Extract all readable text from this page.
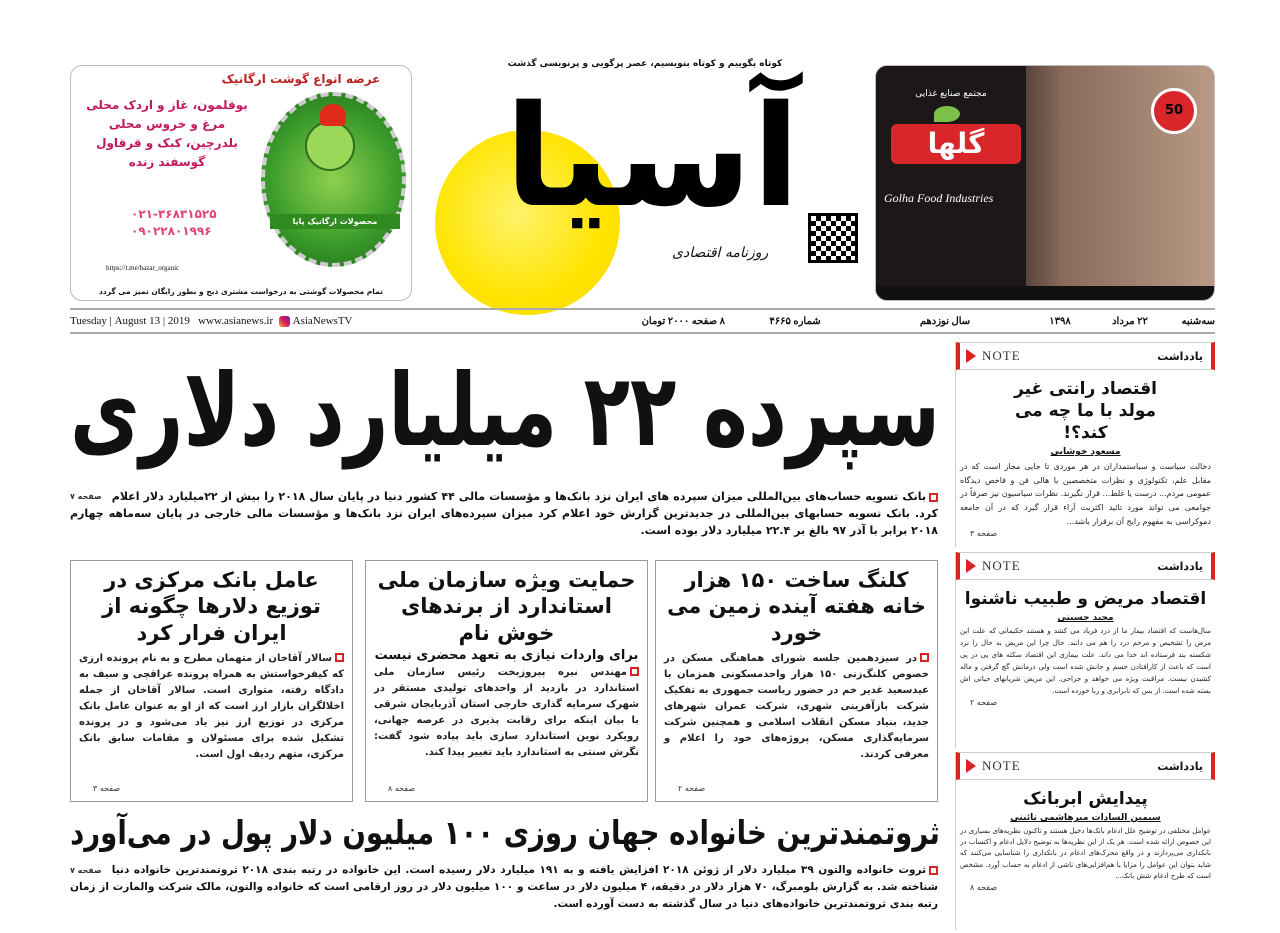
عرضه انواع گوشت ارگانیک
محصولات ارگانیک پایا
بوقلمون، غاز و اردک محلی
مرغ و خروس محلی
بلدرچین، کبک و قرقاول
گوسفند زنده
۰۲۱-۳۶۸۳۱۵۲۵
۰۹۰۲۲۸۰۱۹۹۶
https://t.me/bazar_organic
تمام محصولات گوشتی به درخواست مشتری ذبح و بطور رایگان تمیز می گردد
کوتاه بگوییم و کوتاه بنویسیم، عصر پرگویی و پرنویسی گذشت
آسیا
روزنامه اقتصادی
مجتمع صنایع غذایی
گلها
Golha Food Industries
50
Tuesday | August 13 | 2019
www.asianews.ir
AsiaNewsTV	۸ صفحه ۲۰۰۰ تومان	شماره ۴۶۶۵	سال نوزدهم	۱۳۹۸	۲۲ مرداد	سه‌شنبه
سپرده ۲۲ میلیارد دلاری
صفحه ۷ بانک تسویه حساب‌های بین‌المللی میزان سپرده های ایران نزد بانک‌ها و مؤسسات مالی ۴۴ کشور دنیا در پایان سال ۲۰۱۸ را بیش از ۲۲میلیارد دلار اعلام کرد. بانک تسویه حسابهای بین‌المللی در جدیدترین گزارش خود اعلام کرد میزان سپرده‌های ایران نزد بانک‌ها و مؤسسات مالی خارجی در پایان سه‌ماهه چهارم ۲۰۱۸ برابر با آذر ۹۷ بالغ بر ۲۲.۴ میلیارد دلار بوده است.
کلنگ ساخت ۱۵۰ هزار خانه هفته آینده زمین می خورد

در سیزدهمین جلسه شورای هماهنگی مسکن در خصوص کلنگ‌زنی ۱۵۰ هزار واحدمسکونی همزمان با عیدسعید غدیر خم در حضور ریاست جمهوری به تفکیک شرکت بازآفرینی شهری، شرکت عمران شهرهای جدید، بنیاد مسکن انقلاب اسلامی و همچنین شرکت سرمایه‌گذاری مسکن، پروژه‌های خود را اعلام و معرفی کردند.

صفحه ۲
حمایت ویژه سازمان ملی استاندارد از برندهای خوش نام
برای واردات نیازی به تعهد محضری نیست

مهندس نیره پیروزبخت رئیس سازمان ملی استاندارد در بازدید از واحدهای تولیدی مستقر در شهرک سرمایه گذاری خارجی استان آذربایجان شرقی با بیان اینکه برای رقابت پذیری در عرصه جهانی، رویکرد نوین استاندارد سازی باید پیاده شود گفت: نگرش سنتی به استاندارد باید تغییر پیدا کند.

صفحه ۸
عامل بانک مرکزی در توزیع دلارها چگونه از ایران فرار کرد

سالار آقاخان از متهمان مطرح و به نام پرونده ارزی که کیفرخواستش به همراه پرونده عراقچی و سیف به دادگاه رفته، متواری است. سالار آقاخان از جمله اخلالگران بازار ارز است که از او به عنوان عامل بانک مرکزی در توزیع ارز نیز یاد می‌شود و در پرونده تشکیل شده برای مسئولان و مقامات سابق بانک مرکزی، متهم ردیف اول است.

صفحه ۳
ثروتمندترین خانواده جهان روزی ۱۰۰ میلیون دلار پول در می‌آورد
صفحه ۷ ثروت خانواده والتون ۳۹ میلیارد دلار از ژوئن ۲۰۱۸ افزایش یافته و به ۱۹۱ میلیارد دلار رسیده است. این خانواده در رتبه بندی ۲۰۱۸ ثروتمندترین خانواده دنیا شناخته شد. به گزارش بلومبرگ، ۷۰ هزار دلار در دقیقه، ۴ میلیون دلار در ساعت و ۱۰۰ میلیون دلار در روز ارقامی است که خانواده والتون، مالک شرکت والمارت از زمان رتبه بندی ثروتمندترین خانواده‌های دنیا در سال گذشته به دست آورده است.
NOTE	یادداشت
اقتصاد رانتی غیر مولد با ما چه می کند؟!
مسعود خوشابی
دخالت سیاست و سیاستمداران در هر موردی تا جایی مجاز است که در مقابل علم، تکنولوژی و نظرات متخصصین با هالی فن و فاخص دیدگاه عمومی مردم... درست یا غلط... قرار نگیرند. نظرات سیاسیون نیز صرفاً در جوامعی می تواند مورد تائید اکثریت آراء قرار گیرد که در آن جامعه دموکراسی به مفهوم رایج آن برقرار باشد...
صفحه ۳
NOTE	یادداشت
اقتصاد مریض و طبیب ناشنوا
مجید حسینی
سال‌هاست که اقتصاد بیمار ما از درد فریاد می کشد و هستند حکیمانی که علت این مرض را تشخیص و مرحم درد را هم می دانند. حال چرا این مریض به حال را نزد شکسته بند فرستاده اند خدا می داند. علت بیماری این اقتصاد سکته های پی در پی است که باعث از کارافتادن جسم و جانش شده است ولی درمانش گچ گرفتن و ماله کشیدن نیست. مراقبت ویژه می خواهد و جراحی. این مریض شریانهای حیاتی اش بسته شده است. از بس که نابرابری و ربا خورده است.
صفحه ۲
NOTE	یادداشت
پیدایش ابربانک
سیمین السادات میرهاشمی نائینی
عوامل مختلفی در توضیح علل ادغام بانک‌ها دخیل هستند و تاکنون نظریه‌های بسیاری در این خصوص ارائه شده است. هر یک از این نظریه‌ها به توضیح دلایل ادغام و اکتساب در بانکداری می‌پردازند و در واقع محرک‌های ادغام در بانکداری را شناسایی می‌کنند که شاید بتوان این عوامل را مزایا یا هم‌افزایی‌های ناشی از ادغام به حساب آورد. مشخص است که طرح ادغام شش بانک...
صفحه ۸
